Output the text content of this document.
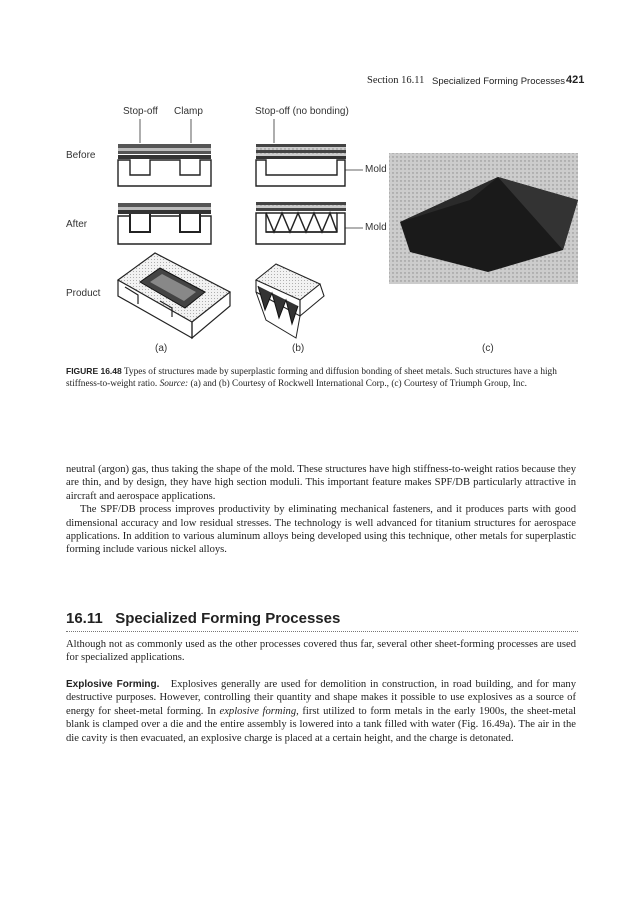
Section 16.11 Specialized Forming Processes 421
Stop-off Clamp	Stop-off (no bonding)
Before
After
Product
Mold
Mold
(a)	(b)	(c)
FIGURE 16.48 Types of structures made by superplastic forming and diffusion bonding of sheet metals. Such structures have a high stiffness-to-weight ratio. Source: (a) and (b) Courtesy of Rockwell International Corp., (c) Courtesy of Triumph Group, Inc.

neutral (argon) gas, thus taking the shape of the mold. These structures have high stiffness-to-weight ratios because they are thin, and by design, they have high section moduli. This important feature makes SPF/DB particularly attractive in aircraft and aerospace applications.

The SPF/DB process improves productivity by eliminating mechanical fasteners, and it produces parts with good dimensional accuracy and low residual stresses. The technology is well advanced for titanium structures for aerospace applications. In addition to various aluminum alloys being developed using this technique, other metals for superplastic forming include various nickel alloys.

16.11 Specialized Forming Processes

Although not as commonly used as the other processes covered thus far, several other sheet-forming processes are used for specialized applications.

Explosive Forming. Explosives generally are used for demolition in construction, in road building, and for many destructive purposes. However, controlling their quantity and shape makes it possible to use explosives as a source of energy for sheet-metal forming. In explosive forming, first utilized to form metals in the early 1900s, the sheet-metal blank is clamped over a die and the entire assembly is lowered into a tank filled with water (Fig. 16.49a). The air in the die cavity is then evacuated, an explosive charge is placed at a certain height, and the charge is detonated.
